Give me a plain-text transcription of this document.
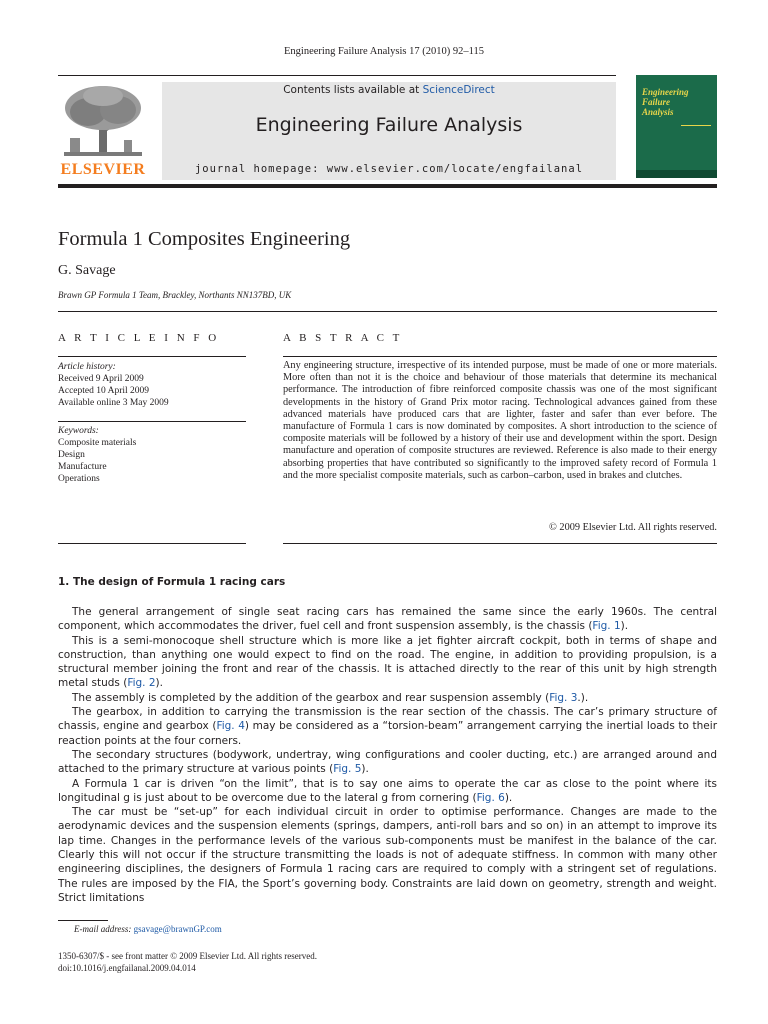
Engineering Failure Analysis 17 (2010) 92–115
ELSEVIER
Contents lists available at ScienceDirect
Engineering Failure Analysis
journal homepage: www.elsevier.com/locate/engfailanal
Engineering
Failure
Analysis
Formula 1 Composites Engineering
G. Savage
Brawn GP Formula 1 Team, Brackley, Northants NN137BD, UK
A R T I C L E I N F O
Article history:
Received 9 April 2009
Accepted 10 April 2009
Available online 3 May 2009
Keywords:
Composite materials
Design
Manufacture
Operations
A B S T R A C T
Any engineering structure, irrespective of its intended purpose, must be made of one or more materials. More often than not it is the choice and behaviour of those materials that determine its mechanical performance. The introduction of fibre reinforced composite chassis was one of the most significant developments in the history of Grand Prix motor racing. Technological advances gained from these advanced materials have produced cars that are lighter, faster and safer than ever before. The manufacture of Formula 1 cars is now dominated by composites. A short introduction to the science of composite materials will be followed by a history of their use and development within the sport. Design manufacture and operation of composite structures are reviewed. Reference is also made to their energy absorbing properties that have contributed so significantly to the improved safety record of Formula 1 and the more specialist composite materials, such as carbon–carbon, used in brakes and clutches.
© 2009 Elsevier Ltd. All rights reserved.
1. The design of Formula 1 racing cars

The general arrangement of single seat racing cars has remained the same since the early 1960s. The central component, which accommodates the driver, fuel cell and front suspension assembly, is the chassis (Fig. 1).

This is a semi-monocoque shell structure which is more like a jet fighter aircraft cockpit, both in terms of shape and construction, than anything one would expect to find on the road. The engine, in addition to providing propulsion, is a structural member joining the front and rear of the chassis. It is attached directly to the rear of this unit by high strength metal studs (Fig. 2).

The assembly is completed by the addition of the gearbox and rear suspension assembly (Fig. 3.).

The gearbox, in addition to carrying the transmission is the rear section of the chassis. The car’s primary structure of chassis, engine and gearbox (Fig. 4) may be considered as a “torsion-beam” arrangement carrying the inertial loads to their reaction points at the four corners.

The secondary structures (bodywork, undertray, wing configurations and cooler ducting, etc.) are arranged around and attached to the primary structure at various points (Fig. 5).

A Formula 1 car is driven “on the limit”, that is to say one aims to operate the car as close to the point where its longitudinal g is just about to be overcome due to the lateral g from cornering (Fig. 6).

The car must be “set-up” for each individual circuit in order to optimise performance. Changes are made to the aerodynamic devices and the suspension elements (springs, dampers, anti-roll bars and so on) in an attempt to improve its lap time. Changes in the performance levels of the various sub-components must be manifest in the balance of the car. Clearly this will not occur if the structure transmitting the loads is not of adequate stiffness. In common with many other engineering disciplines, the designers of Formula 1 racing cars are required to comply with a stringent set of regulations. The rules are imposed by the FIA, the Sport’s governing body. Constraints are laid down on geometry, strength and weight. Strict limitations

E-mail address: gsavage@brawnGP.com
1350-6307/$ - see front matter © 2009 Elsevier Ltd. All rights reserved.
doi:10.1016/j.engfailanal.2009.04.014
